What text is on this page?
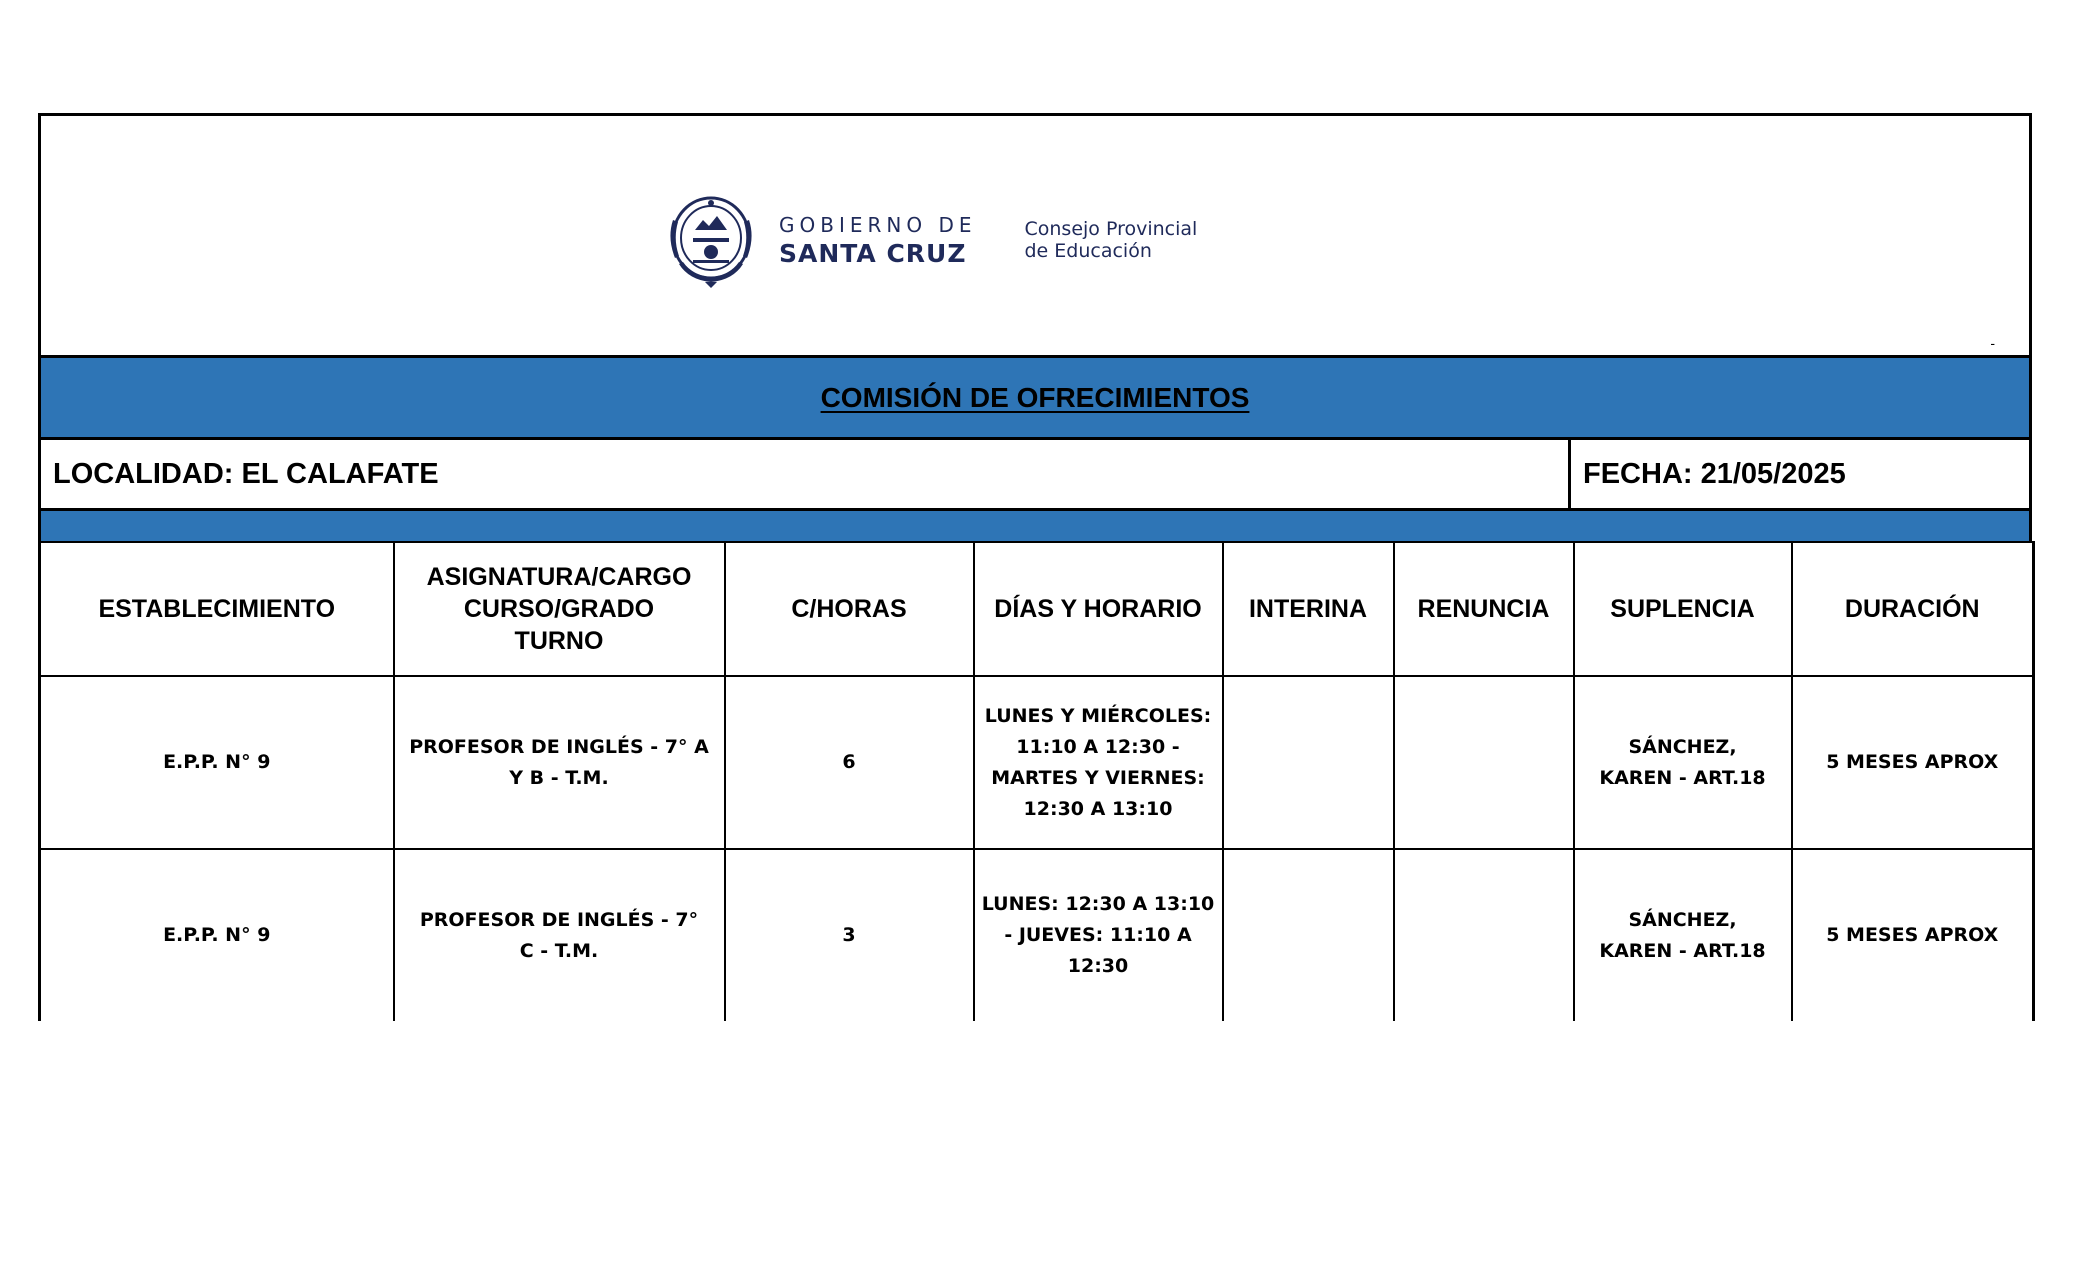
GOBIERNO DE
SANTA CRUZ
Consejo Provincial
de Educación
-
COMISIÓN DE OFRECIMIENTOS
LOCALIDAD: EL CALAFATE	FECHA: 21/05/2025
ESTABLECIMIENTO	ASIGNATURA/CARGO CURSO/GRADO TURNO	C/HORAS	DÍAS Y HORARIO	INTERINA	RENUNCIA	SUPLENCIA	DURACIÓN
E.P.P. N° 9	PROFESOR DE INGLÉS - 7° A Y B - T.M.	6	LUNES Y MIÉRCOLES: 11:10 A 12:30 - MARTES Y VIERNES: 12:30 A 13:10			SÁNCHEZ, KAREN - ART.18	5 MESES APROX
E.P.P. N° 9	PROFESOR DE INGLÉS - 7° C - T.M.	3	LUNES: 12:30 A 13:10 - JUEVES: 11:10 A 12:30			SÁNCHEZ, KAREN - ART.18	5 MESES APROX
